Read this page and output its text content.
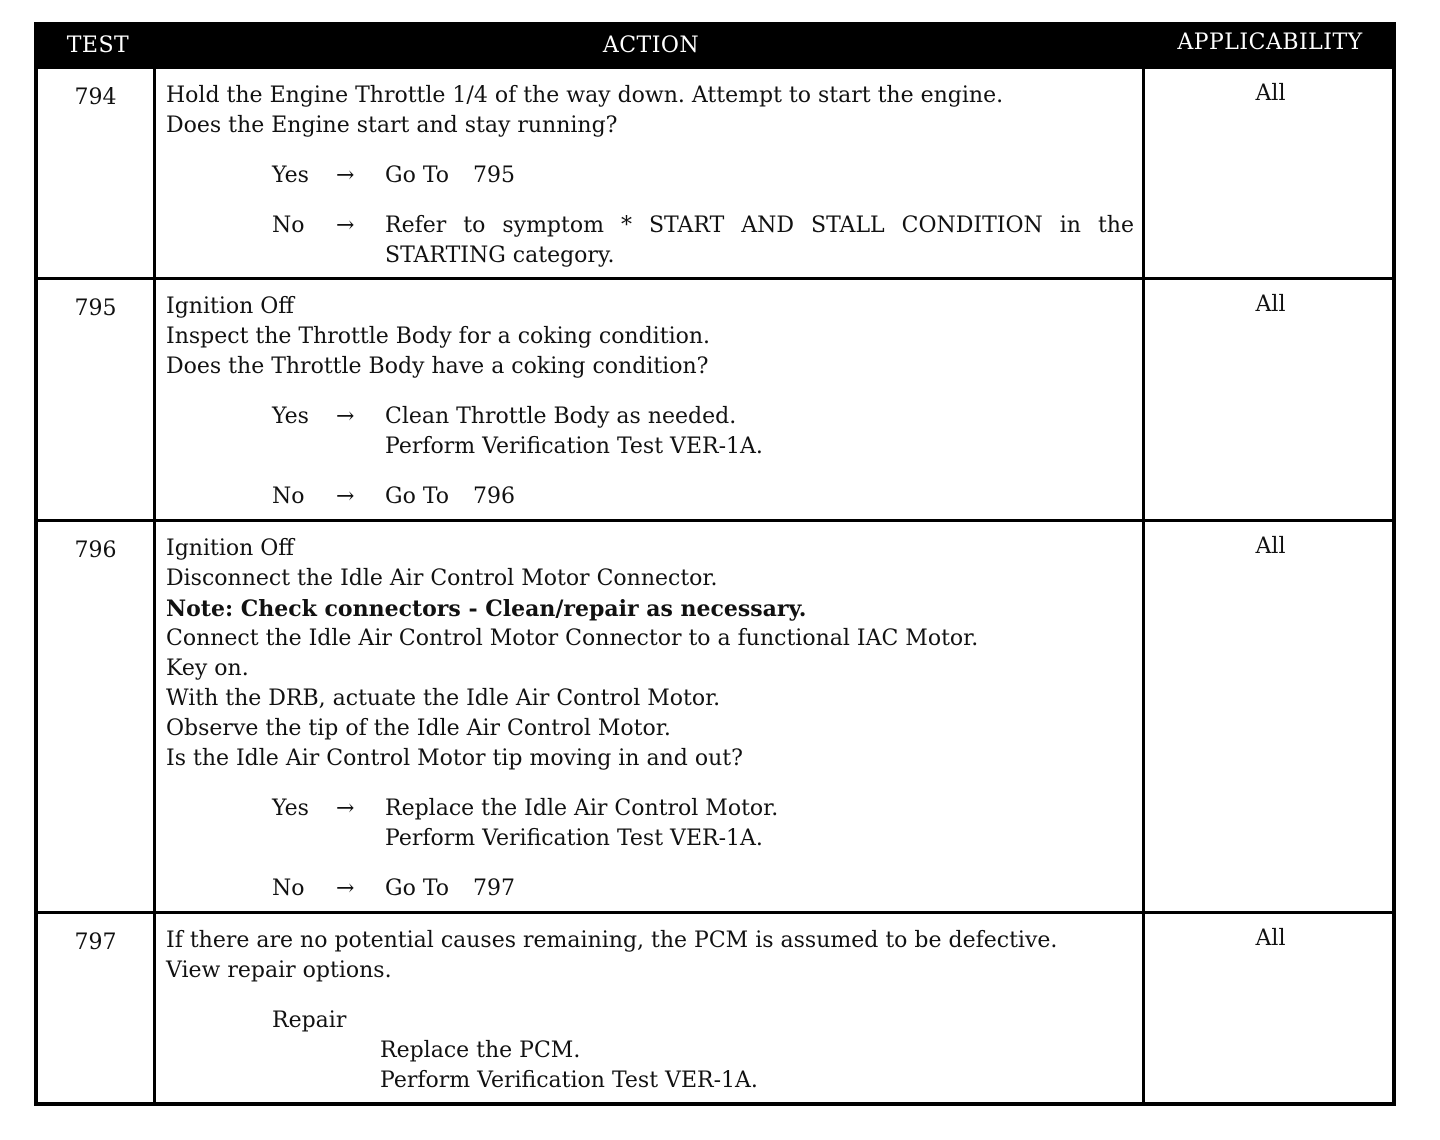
TEST	ACTION	APPLICABILITY
794	Hold the Engine Throttle 1/4 of the way down. Attempt to start the engine.
Does the Engine start and stay running?
Yes	→	Go To 795
No	→	Refer to symptom * START AND STALL CONDITION in the
STARTING category.
All
795	Ignition Off
Inspect the Throttle Body for a coking condition.
Does the Throttle Body have a coking condition?
Yes	→	Clean Throttle Body as needed.
Perform Verification Test VER-1A.
No	→	Go To 796
All
796	Ignition Off
Disconnect the Idle Air Control Motor Connector.
Note: Check connectors - Clean/repair as necessary.
Connect the Idle Air Control Motor Connector to a functional IAC Motor.
Key on.
With the DRB, actuate the Idle Air Control Motor.
Observe the tip of the Idle Air Control Motor.
Is the Idle Air Control Motor tip moving in and out?
Yes	→	Replace the Idle Air Control Motor.
Perform Verification Test VER-1A.
No	→	Go To 797
All
797	If there are no potential causes remaining, the PCM is assumed to be defective.
View repair options.
Repair
Replace the PCM.
Perform Verification Test VER-1A.
All
